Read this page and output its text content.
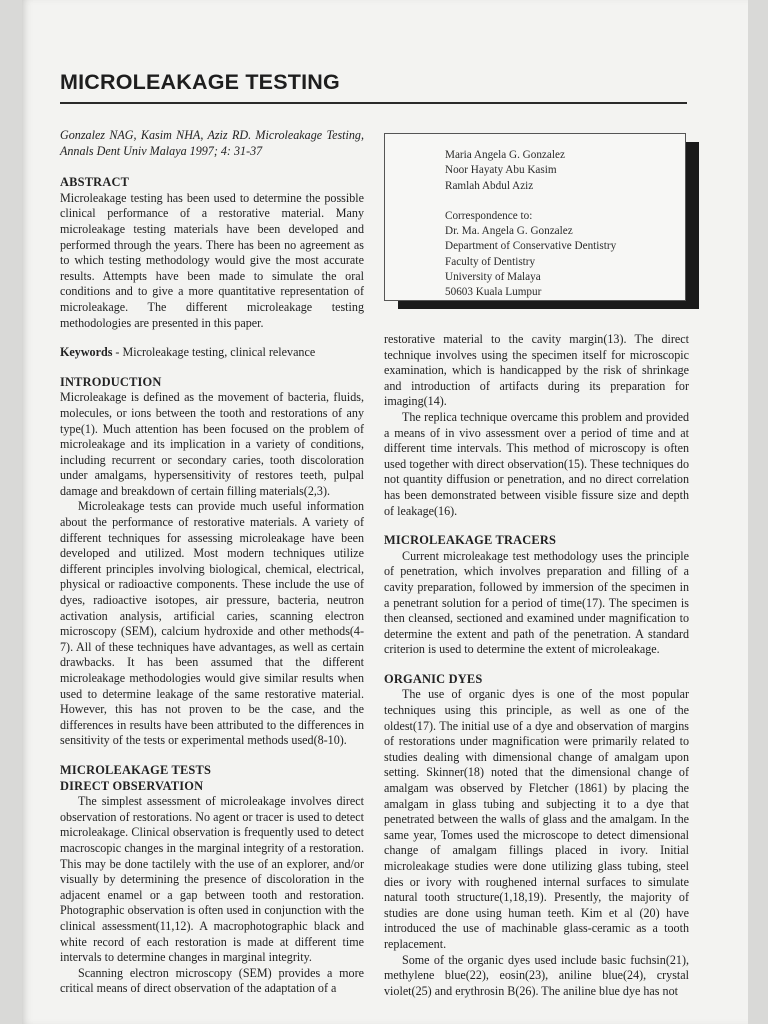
MICROLEAKAGE TESTING

Gonzalez NAG, Kasim NHA, Aziz RD. Microleakage Testing, Annals Dent Univ Malaya 1997; 4: 31-37

ABSTRACT

Microleakage testing has been used to determine the possible clinical performance of a restorative material. Many microleakage testing materials have been developed and performed through the years. There has been no agreement as to which testing methodology would give the most accurate results. Attempts have been made to simulate the oral conditions and to give a more quantitative representation of microleakage. The different microleakage testing methodologies are presented in this paper.

Keywords - Microleakage testing, clinical relevance

INTRODUCTION

Microleakage is defined as the movement of bacteria, fluids, molecules, or ions between the tooth and restorations of any type(1). Much attention has been focused on the problem of microleakage and its implication in a variety of conditions, including recurrent or secondary caries, tooth discoloration under amalgams, hypersensitivity of restores teeth, pulpal damage and breakdown of certain filling materials(2,3).

Microleakage tests can provide much useful information about the performance of restorative materials. A variety of different techniques for assessing microleakage have been developed and utilized. Most modern techniques utilize different principles involving biological, chemical, electrical, physical or radioactive components. These include the use of dyes, radioactive isotopes, air pressure, bacteria, neutron activation analysis, artificial caries, scanning electron microscopy (SEM), calcium hydroxide and other methods(4-7). All of these techniques have advantages, as well as certain drawbacks. It has been assumed that the different microleakage methodologies would give similar results when used to determine leakage of the same restorative material. However, this has not proven to be the case, and the differences in results have been attributed to the differences in sensitivity of the tests or experimental methods used(8-10).

MICROLEAKAGE TESTS
DIRECT OBSERVATION

The simplest assessment of microleakage involves direct observation of restorations. No agent or tracer is used to detect microleakage. Clinical observation is frequently used to detect macroscopic changes in the marginal integrity of a restoration. This may be done tactilely with the use of an explorer, and/or visually by determining the presence of discoloration in the adjacent enamel or a gap between tooth and restoration. Photographic observation is often used in conjunction with the clinical assessment(11,12). A macrophotographic black and white record of each restoration is made at different time intervals to determine changes in marginal integrity.

Scanning electron microscopy (SEM) provides a more critical means of direct observation of the adaptation of a

Maria Angela G. Gonzalez
Noor Hayaty Abu Kasim
Ramlah Abdul Aziz
Correspondence to:
Dr. Ma. Angela G. Gonzalez
Department of Conservative Dentistry
Faculty of Dentistry
University of Malaya
50603 Kuala Lumpur

restorative material to the cavity margin(13). The direct technique involves using the specimen itself for microscopic examination, which is handicapped by the risk of shrinkage and introduction of artifacts during its preparation for imaging(14).

The replica technique overcame this problem and provided a means of in vivo assessment over a period of time and at different time intervals. This method of microscopy is often used together with direct observation(15). These techniques do not quantity diffusion or penetration, and no direct correlation has been demonstrated between visible fissure size and depth of leakage(16).

MICROLEAKAGE TRACERS

Current microleakage test methodology uses the principle of penetration, which involves preparation and filling of a cavity preparation, followed by immersion of the specimen in a penetrant solution for a period of time(17). The specimen is then cleansed, sectioned and examined under magnification to determine the extent and path of the penetration. A standard criterion is used to determine the extent of microleakage.

ORGANIC DYES

The use of organic dyes is one of the most popular techniques using this principle, as well as one of the oldest(17). The initial use of a dye and observation of margins of restorations under magnification were primarily related to studies dealing with dimensional change of amalgam upon setting. Skinner(18) noted that the dimensional change of amalgam was observed by Fletcher (1861) by placing the amalgam in glass tubing and subjecting it to a dye that penetrated between the walls of glass and the amalgam. In the same year, Tomes used the microscope to detect dimensional change of amalgam fillings placed in ivory. Initial microleakage studies were done utilizing glass tubing, steel dies or ivory with roughened internal surfaces to simulate natural tooth structure(1,18,19). Presently, the majority of studies are done using human teeth. Kim et al (20) have introduced the use of machinable glass-ceramic as a tooth replacement.

Some of the organic dyes used include basic fuchsin(21), methylene blue(22), eosin(23), aniline blue(24), crystal violet(25) and erythrosin B(26). The aniline blue dye has not
